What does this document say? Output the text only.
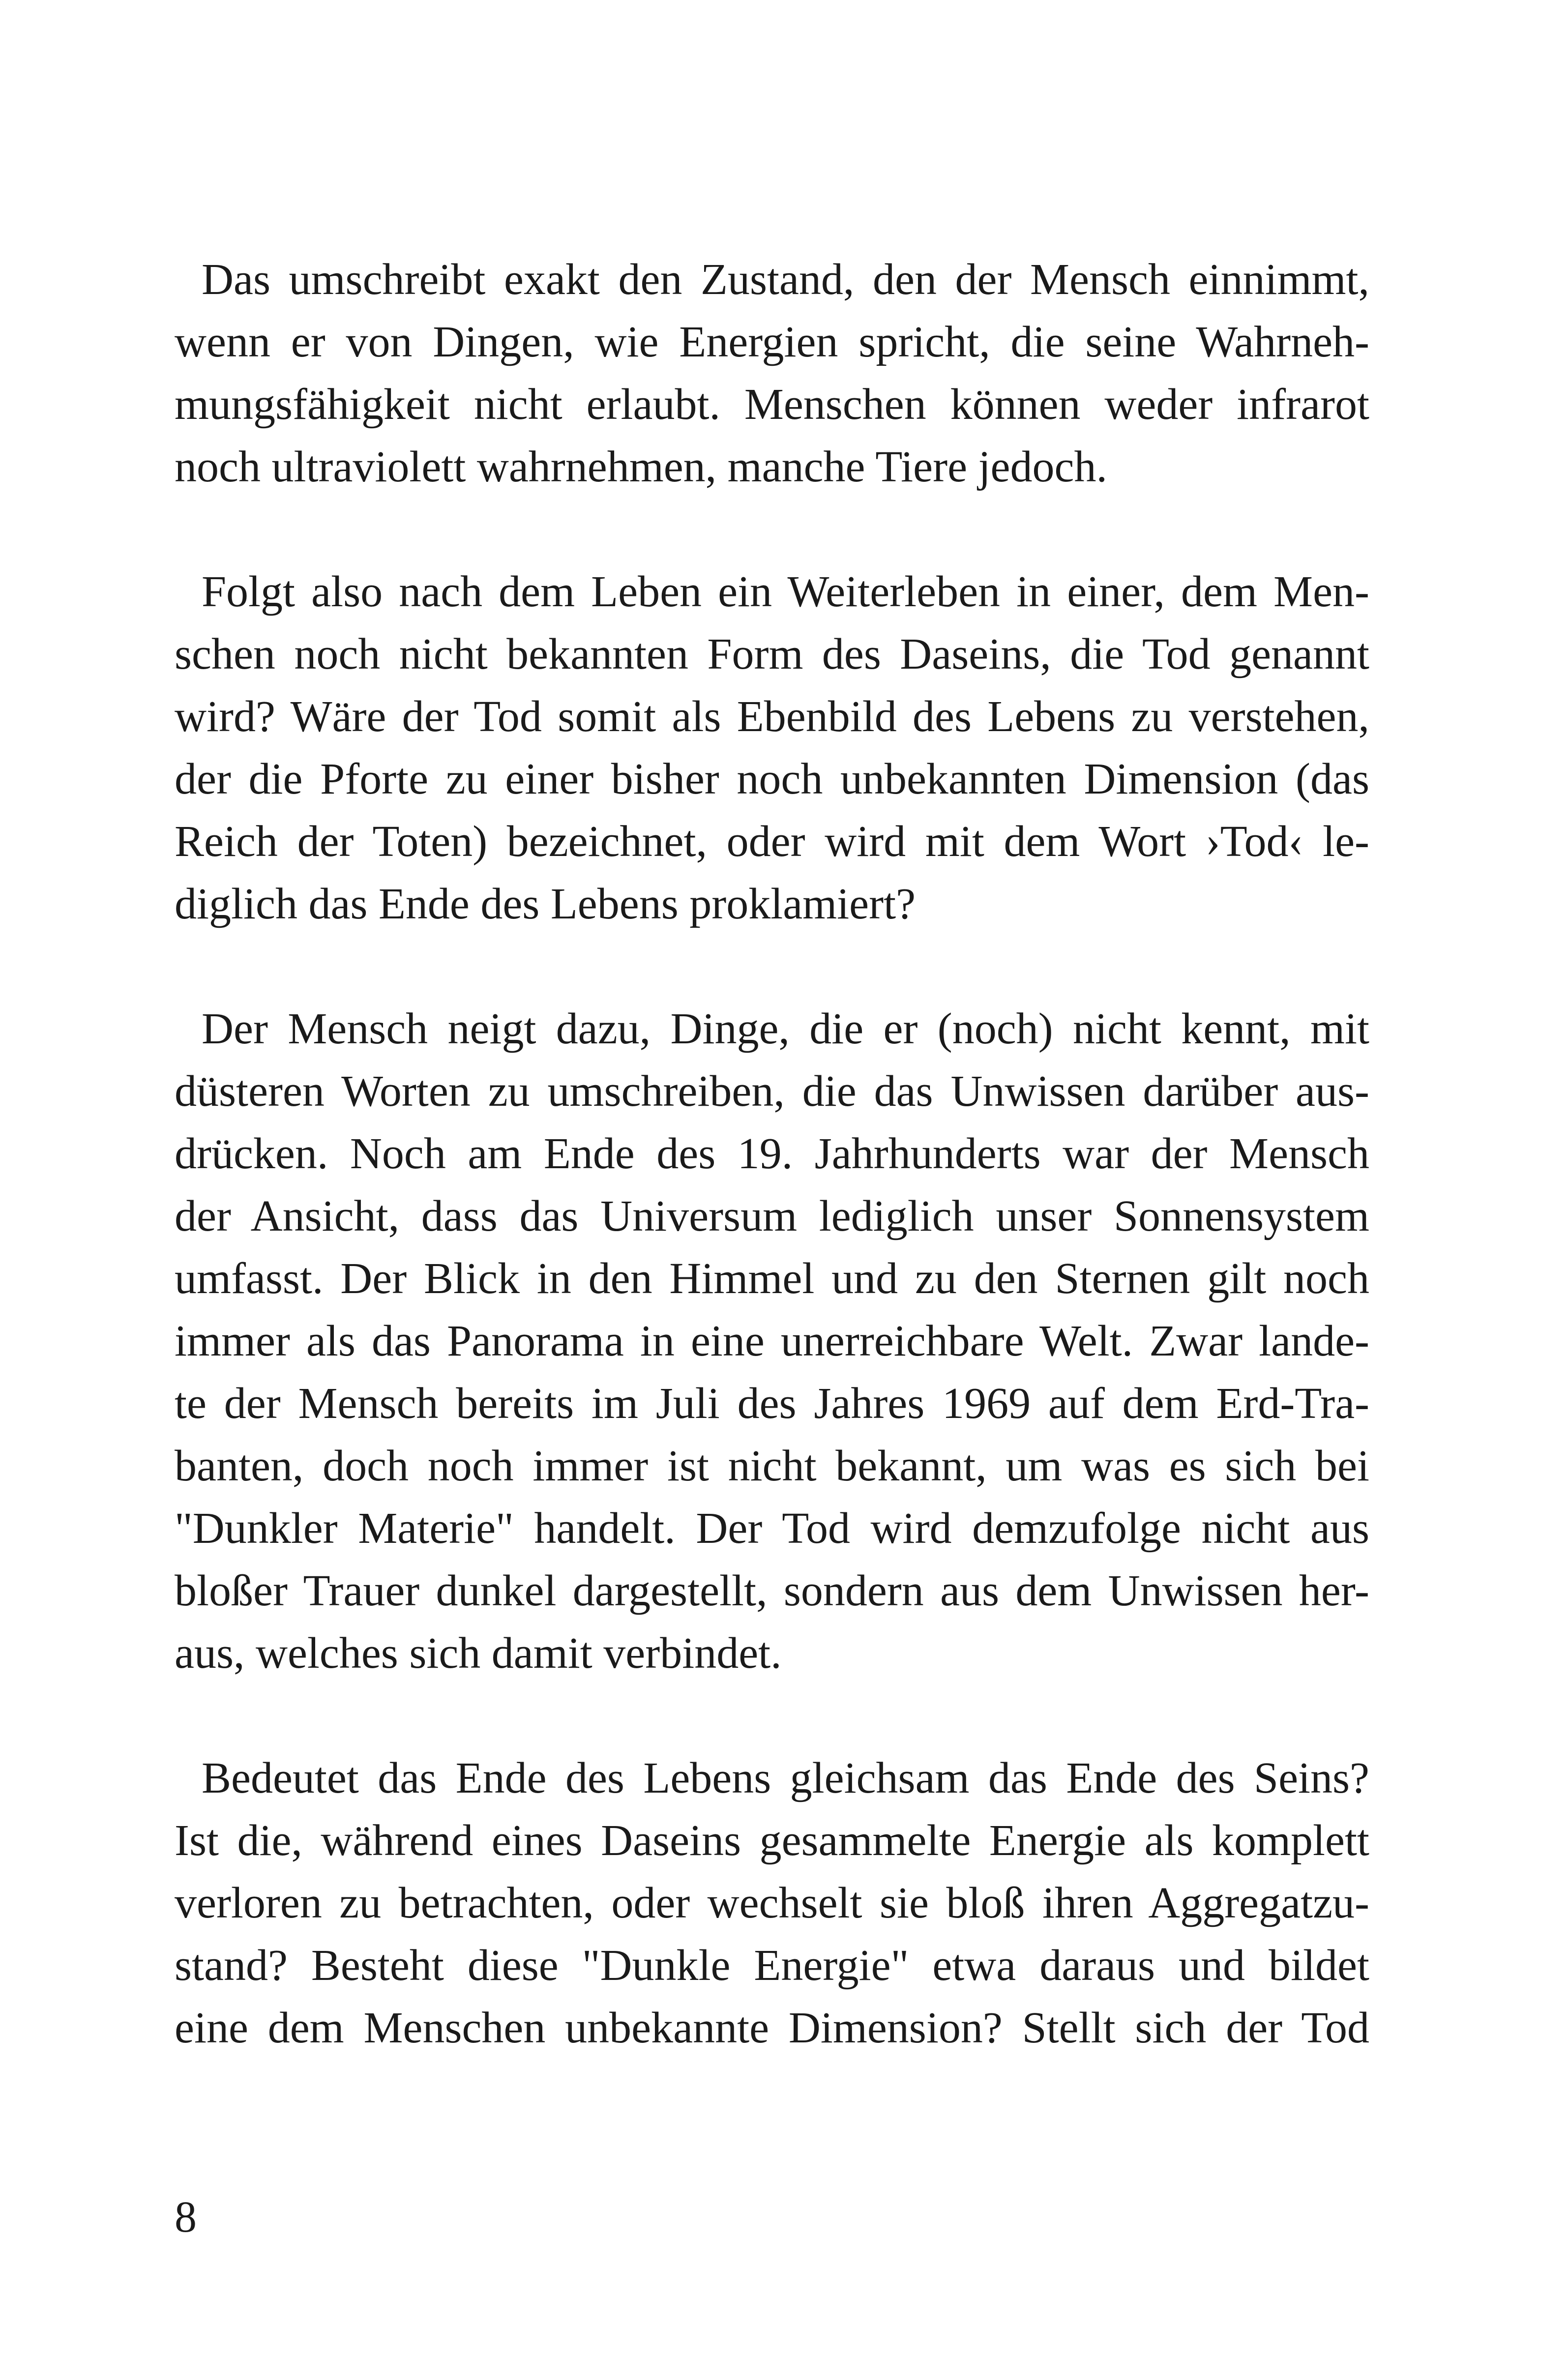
Das umschreibt exakt den Zustand, den der Mensch einnimmt,
wenn er von Dingen, wie Energien spricht, die seine Wahrneh-
mungsfähigkeit nicht erlaubt. Menschen können weder infrarot
noch ultraviolett wahrnehmen, manche Tiere jedoch.

Folgt also nach dem Leben ein Weiterleben in einer, dem Men-
schen noch nicht bekannten Form des Daseins, die Tod genannt
wird? Wäre der Tod somit als Ebenbild des Lebens zu verstehen,
der die Pforte zu einer bisher noch unbekannten Dimension (das
Reich der Toten) bezeichnet, oder wird mit dem Wort ›Tod‹ le-
diglich das Ende des Lebens proklamiert?

Der Mensch neigt dazu, Dinge, die er (noch) nicht kennt, mit
düsteren Worten zu umschreiben, die das Unwissen darüber aus-
drücken. Noch am Ende des 19. Jahrhunderts war der Mensch
der Ansicht, dass das Universum lediglich unser Sonnensystem
umfasst. Der Blick in den Himmel und zu den Sternen gilt noch
immer als das Panorama in eine unerreichbare Welt. Zwar lande-
te der Mensch bereits im Juli des Jahres 1969 auf dem Erd-Tra-
banten, doch noch immer ist nicht bekannt, um was es sich bei
"Dunkler Materie" handelt. Der Tod wird demzufolge nicht aus
bloßer Trauer dunkel dargestellt, sondern aus dem Unwissen her-
aus, welches sich damit verbindet.

Bedeutet das Ende des Lebens gleichsam das Ende des Seins?
Ist die, während eines Daseins gesammelte Energie als komplett
verloren zu betrachten, oder wechselt sie bloß ihren Aggregatzu-
stand? Besteht diese "Dunkle Energie" etwa daraus und bildet
eine dem Menschen unbekannte Dimension? Stellt sich der Tod

8
